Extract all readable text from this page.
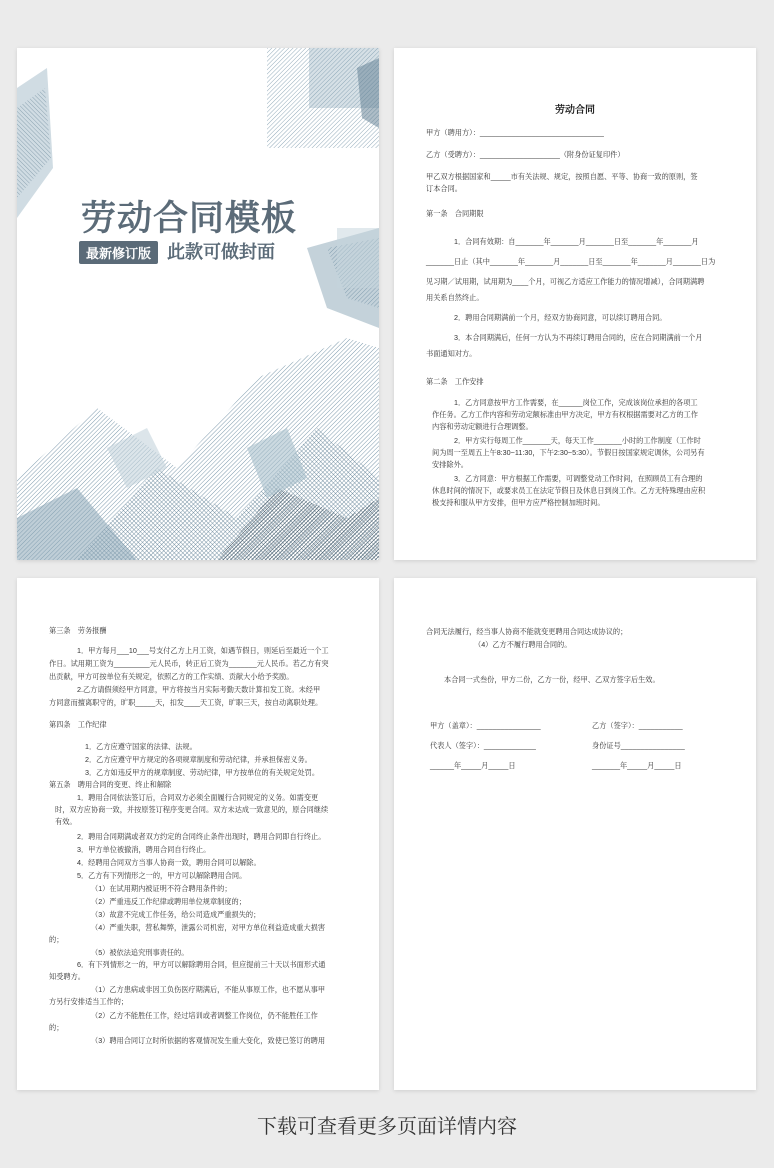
劳动合同模板
最新修订版 此款可做封面
劳动合同
甲方（聘用方）：_______________________________
乙方（受聘方）：____________________（附身份证复印件）
甲乙双方根据国家和_____市有关法规、规定，按照自愿、平等、协商一致的原则，签
订本合同。
第一条　合同期限
1．合同有效期：自_______年_______月_______日至_______年_______月
_______日止（其中_______年_______月_______日至_______年_______月_______日为
见习期／试用期，试用期为____个月，可视乙方适应工作能力的情况增减），合同期满聘
用关系自然终止。
2．聘用合同期满前一个月，经双方协商同意，可以续订聘用合同。
3．本合同期满后，任何一方认为不再续订聘用合同的，应在合同期满前一个月
书面通知对方。
第二条　工作安排
1．乙方同意按甲方工作需要，在______岗位工作，完成该岗位承担的各项工
作任务。乙方工作内容和劳动定额标准由甲方决定，甲方有权根据需要对乙方的工作
内容和劳动定额进行合理调整。
2．甲方实行每周工作_______天，每天工作_______小时的工作制度（工作时
间为周一至周五上午8:30~11:30，下午2:30~5:30）。节假日按国家规定调休，公司另有
安排除外。
3．乙方同意：甲方根据工作需要，可调整党动工作时间，在照顾员工有合理的
休息时间的情况下，或要求员工在法定节假日及休息日到岗工作。乙方无特殊理由应积
极支持和服从甲方安排，但甲方应严格控制加班时间。
第三条　劳务报酬
1．甲方每月___10___号支付乙方上月工资，如遇节假日，则延后至最近一个工
作日。试用期工资为_________元人民币，转正后工资为_______元人民币。若乙方有突
出贡献，甲方可按单位有关规定，依照乙方的工作实绩、贡献大小给予奖励。
2.乙方请假须经甲方同意，甲方将按当月实际考勤天数计算扣发工资。未经甲
方同意而擅离职守的，旷职_____天，扣发____天工资，旷职三天，按自动离职处理。
第四条　工作纪律
1．乙方应遵守国家的法律、法规。
2．乙方应遵守甲方规定的各项规章制度和劳动纪律，并承担保密义务。
3．乙方如违反甲方的规章制度、劳动纪律，甲方按单位的有关规定处罚。
第五条　聘用合同的变更、终止和解除
1．聘用合同依法签订后，合同双方必须全面履行合同规定的义务。如需变更
时，双方应协商一致，并按原签订程序变更合同。双方未达成一致意见的，原合同继续
有效。
2．聘用合同期满或者双方约定的合同终止条件出现时，聘用合同即自行终止。
3．甲方单位被撤消，聘用合同自行终止。
4．经聘用合同双方当事人协商一致，聘用合同可以解除。
5．乙方有下列情形之一的，甲方可以解除聘用合同。
（1）在试用期内被证明不符合聘用条件的；
（2）严重违反工作纪律或聘用单位规章制度的；
（3）故意不完成工作任务，给公司造成严重损失的；
（4）严重失职，营私舞弊，泄露公司机密，对甲方单位利益造成重大损害
的；
（5）被依法追究刑事责任的。
6．有下列情形之一的，甲方可以解除聘用合同，但应提前三十天以书面形式通
知受聘方。
（1）乙方患病或非因工负伤医疗期满后，不能从事原工作，也不愿从事甲
方另行安排适当工作的；
（2）乙方不能胜任工作，经过培训或者调整工作岗位，仍不能胜任工作
的；
（3）聘用合同订立时所依据的客观情况发生重大变化，致使已签订的聘用
合同无法履行，经当事人协商不能就变更聘用合同达成协议的；
（4）乙方不履行聘用合同的。
本合同一式叁份，甲方二份，乙方一份，经甲、乙双方签字后生效。
甲方（盖章）：________________	乙方（签字）：___________
代表人（签字）：_____________	身份证号________________
______年_____月_____日	_______年_____月_____日
下载可查看更多页面详情内容
